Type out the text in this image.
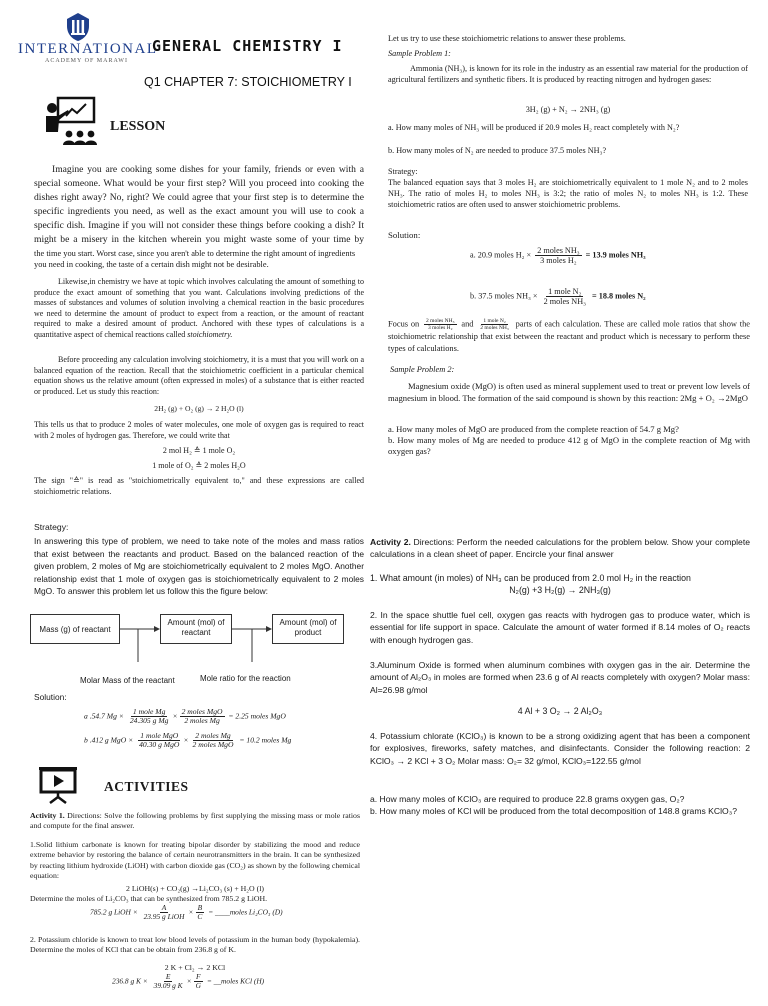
INTERNATIONAL
ACADEMY OF MARAWI
GENERAL CHEMISTRY I
Q1 CHAPTER 7: STOICHIOMETRY I
LESSON
Imagine you are cooking some dishes for your family, friends or even with a special someone. What would be your first step? Will you proceed into cooking the dishes right away? No, right? We could agree that your first step is to determine the specific ingredients you need, as well as the exact amount you will use to cook a specific dish. Imagine if you will not consider these things before cooking a dish? It might be a misery in the kitchen wherein you might waste some of your time by
the time you start. Worst case, since you aren't able to determine the right amount of ingredients you need in cooking, the taste of a certain dish might not be desirable.
Likewise,in chemistry we have at topic which involves calculating the amount of something to produce the exact amount of something that you want. Calculations involving predictions of the masses of substances and volumes of solution involving a chemical reaction in the basic procedures we need to determine the amount of product to expect from a reaction, or the amount of reactant required to make a desired amount of product. Anchored with these types of calculations is a quantitative aspect of chemical reactions called stoichiometry.
Before proceeding any calculation involving stoichiometry, it is a must that you will work on a balanced equation of the reaction. Recall that the stoichiometric coefficient in a particular chemical equation shows us the relative amount (often expressed in moles) of a substance that is either reacted or produced. Let us study this reaction:
2H₂ (g) + O₂ (g) → 2 H₂O (l)
This tells us that to produce 2 moles of water molecules, one mole of oxygen gas is required to react with 2 moles of hydrogen gas. Therefore, we could write that
2 mol H₂ ≙ 1 mole O₂
1 mole of O₂ ≙ 2 moles H₂O
The sign "≙" is read as "stoichiometrically equivalent to," and these expressions are called stoichiometric relations.
Let us try to use these stoichiometric relations to answer these problems.
Sample Problem 1:
Ammonia (NH₃), is known for its role in the industry as an essential raw material for the production of agricultural fertilizers and synthetic fibers. It is produced by reacting nitrogen and hydrogen gases:
3H₂ (g) + N₂ → 2NH₃ (g)
a. How many moles of NH₃ will be produced if 20.9 moles H₂ react completely with N₂?
b. How many moles of N₂ are needed to produce 37.5 moles NH₃?
Strategy:
The balanced equation says that 3 moles H₂ are stoichiometrically equivalent to 1 mole N₂ and to 2 moles NH₃. The ratio of moles H₂ to moles NH₃ is 3:2; the ratio of moles N₂ to moles NH₃ is 1:2. These stoichiometric ratios are often used to answer stoichiometric problems.
Solution:
a. 20.9 moles $H_2 \times \frac{\text{2 moles NH₃}}{\text{3 moles H₂}} = 13.9$ moles NH₃
b. 37.5 moles $NH_3 \times \frac{\text{1 mole N₂}}{\text{2 moles NH₃}} = 18.8$ moles N₂
Focus on $\frac{\text{2 moles NH₃}}{\text{3 moles H₂}}$ and $\frac{\text{1 mole N₂}}{\text{2 moles NH₃}}$ parts of each calculation. These are called mole ratios that show the stoichiometric relationship that exist between the reactant and product which is necessary to perform these types of calculations.
Sample Problem 2:
Magnesium oxide (MgO) is often used as mineral supplement used to treat or prevent low levels of magnesium in blood. The formation of the said compound is shown by this reaction: 2Mg + O₂ →2MgO
a. How many moles of MgO are produced from the complete reaction of 54.7 g Mg?
b. How many moles of Mg are needed to produce 412 g of MgO in the complete reaction of Mg with oxygen gas?
Strategy:
In answering this type of problem, we need to take note of the moles and mass ratios that exist between the reactants and product. Based on the balanced reaction of the given problem, 2 moles of Mg are stoichiometrically equivalent to 2 moles MgO. Another relationship exist that 1 mole of oxygen gas is stoichiometrically equivalent to 2 moles MgO. To answer this problem let us follow this the figure below:
Mass (g) of reactant
Amount (mol) of reactant
Amount (mol) of product
Molar Mass of the reactant	Mole ratio for the reaction
Solution:
a .54.7 $Mg \times \frac{\text{1 mole Mg}}{\text{24.305 g Mg}} \times \frac{\text{2 moles MgO}}{\text{2 moles Mg}} = 2.25$ moles MgO
b .412 g MgO × $\frac{\text{1 mole MgO}}{\text{40.30 g MgO}} \times \frac{\text{2 moles Mg}}{\text{2 moles MgO}} = 10.2$ moles Mg
ACTIVITIES
Activity 1. Directions: Solve the following problems by first supplying the missing mass or mole ratios and compute for the final answer.
1.Solid lithium carbonate is known for treating bipolar disorder by stabilizing the mood and reduce extreme behavior by restoring the balance of certain neurotransmitters in the brain. It can be synthesized by reacting lithium hydroxide (LiOH) with carbon dioxide gas (CO₂) as shown by the following chemical equation:
2 LiOH(s) + CO₂(g) →Li₂CO₃ (s) + H₂O (l)
Determine the moles of Li₂CO₃ that can be synthesized from 785.2 g LiOH.
785.2 g LiOH × $\frac{A}{\text{23.95 g LiOH}} \times \frac{B}{C}$ = ____moles Li₂CO₃ (D)
2. Potassium chloride is known to treat low blood levels of potassium in the human body (hypokalemia). Determine the moles of KCl that can be obtain from 236.8 g of K.
2 K + Cl₂ → 2 KCl
236.8 g $K \times \frac{E}{\text{39.09 g K}} \times \frac{F}{G}$ = __moles KCl (H)
Activity 2. Directions: Perform the needed calculations for the problem below. Show your complete calculations in a clean sheet of paper. Encircle your final answer
1. What amount (in moles) of NH₃ can be produced from 2.0 mol H₂ in the reaction
N₂(g) +3 H₂(g) → 2NH₃(g)
2. In the space shuttle fuel cell, oxygen gas reacts with hydrogen gas to produce water, which is essential for life support in space. Calculate the amount of water formed if 8.14 moles of O₂ reacts with enough hydrogen gas.
3.Aluminum Oxide is formed when aluminum combines with oxygen gas in the air. Determine the amount of Al₂O₃ in moles are formed when 23.6 g of Al reacts completely with oxygen? Molar mass: Al=26.98 g/mol
4 Al + 3 O₂ → 2 Al₂O₃
4. Potassium chlorate (KClO₃) is known to be a strong oxidizing agent that has been a component for explosives, fireworks, safety matches, and disinfectants. Consider the following reaction: 2 KClO₃ → 2 KCl + 3 O₂ Molar mass: O₂= 32 g/mol, KClO₃=122.55 g/mol
a. How many moles of KClO₃ are required to produce 22.8 grams oxygen gas, O₂?
b. How many moles of KCl will be produced from the total decomposition of 148.8 grams KClO₃?
